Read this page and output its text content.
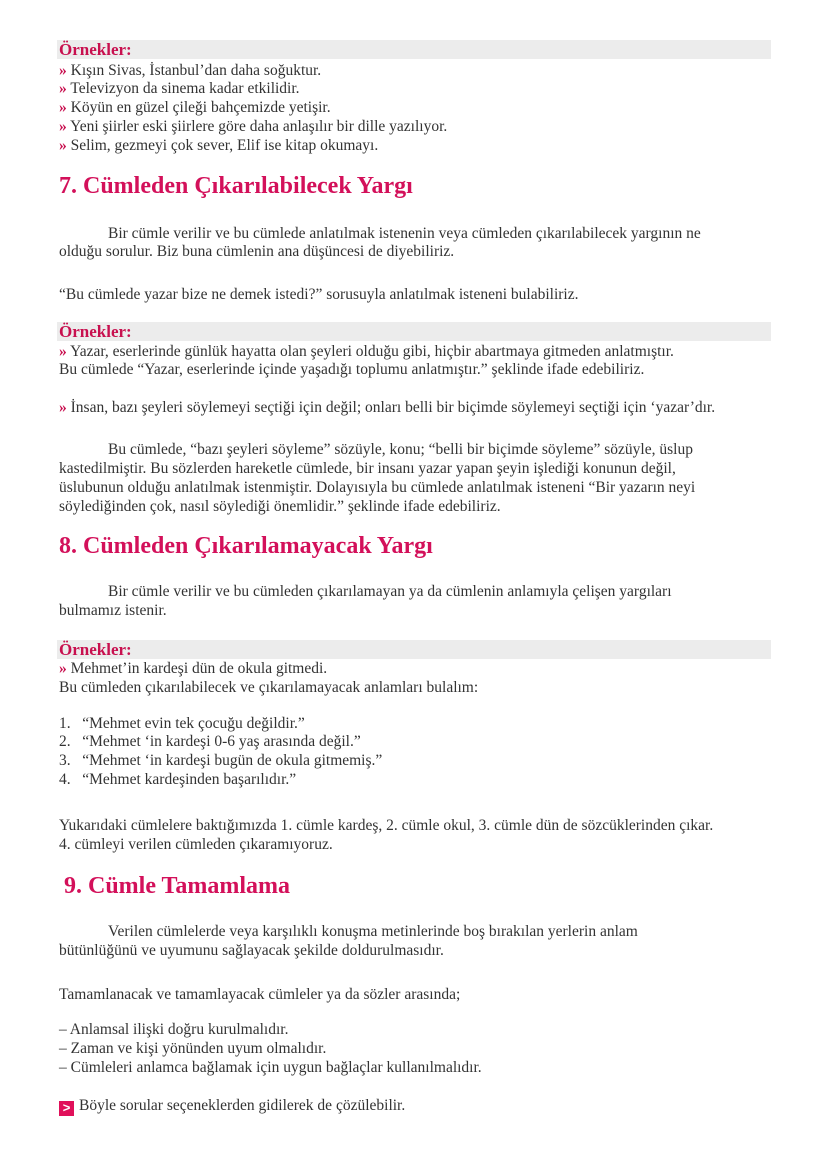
Örnekler:
» Kışın Sivas, İstanbul’dan daha soğuktur.
» Televizyon da sinema kadar etkilidir.
» Köyün en güzel çileği bahçemizde yetişir.
» Yeni şiirler eski şiirlere göre daha anlaşılır bir dille yazılıyor.
» Selim, gezmeyi çok sever, Elif ise kitap okumayı.
7. Cümleden Çıkarılabilecek Yargı
Bir cümle verilir ve bu cümlede anlatılmak istenenin veya cümleden çıkarılabilecek yargının ne
olduğu sorulur. Biz buna cümlenin ana düşüncesi de diyebiliriz.
“Bu cümlede yazar bize ne demek istedi?” sorusuyla anlatılmak isteneni bulabiliriz.
Örnekler:
» Yazar, eserlerinde günlük hayatta olan şeyleri olduğu gibi, hiçbir abartmaya gitmeden anlatmıştır.
Bu cümlede “Yazar, eserlerinde içinde yaşadığı toplumu anlatmıştır.” şeklinde ifade edebiliriz.
» İnsan, bazı şeyleri söylemeyi seçtiği için değil; onları belli bir biçimde söylemeyi seçtiği için ‘yazar’dır.
Bu cümlede, “bazı şeyleri söyleme” sözüyle, konu; “belli bir biçimde söyleme” sözüyle, üslup
kastedilmiştir. Bu sözlerden hareketle cümlede, bir insanı yazar yapan şeyin işlediği konunun değil,
üslubunun olduğu anlatılmak istenmiştir. Dolayısıyla bu cümlede anlatılmak isteneni “Bir yazarın neyi
söylediğinden çok, nasıl söylediği önemlidir.” şeklinde ifade edebiliriz.
8. Cümleden Çıkarılamayacak Yargı
Bir cümle verilir ve bu cümleden çıkarılamayan ya da cümlenin anlamıyla çelişen yargıları
bulmamız istenir.
Örnekler:
» Mehmet’in kardeşi dün de okula gitmedi.
Bu cümleden çıkarılabilecek ve çıkarılamayacak anlamları bulalım:
1. “Mehmet evin tek çocuğu değildir.”
2. “Mehmet ‘in kardeşi 0-6 yaş arasında değil.”
3. “Mehmet ‘in kardeşi bugün de okula gitmemiş.”
4. “Mehmet kardeşinden başarılıdır.”
Yukarıdaki cümlelere baktığımızda 1. cümle kardeş, 2. cümle okul, 3. cümle dün de sözcüklerinden çıkar.
4. cümleyi verilen cümleden çıkaramıyoruz.
9. Cümle Tamamlama
Verilen cümlelerde veya karşılıklı konuşma metinlerinde boş bırakılan yerlerin anlam
bütünlüğünü ve uyumunu sağlayacak şekilde doldurulmasıdır.
Tamamlanacak ve tamamlayacak cümleler ya da sözler arasında;
– Anlamsal ilişki doğru kurulmalıdır.
– Zaman ve kişi yönünden uyum olmalıdır.
– Cümleleri anlamca bağlamak için uygun bağlaçlar kullanılmalıdır.
> Böyle sorular seçeneklerden gidilerek de çözülebilir.
